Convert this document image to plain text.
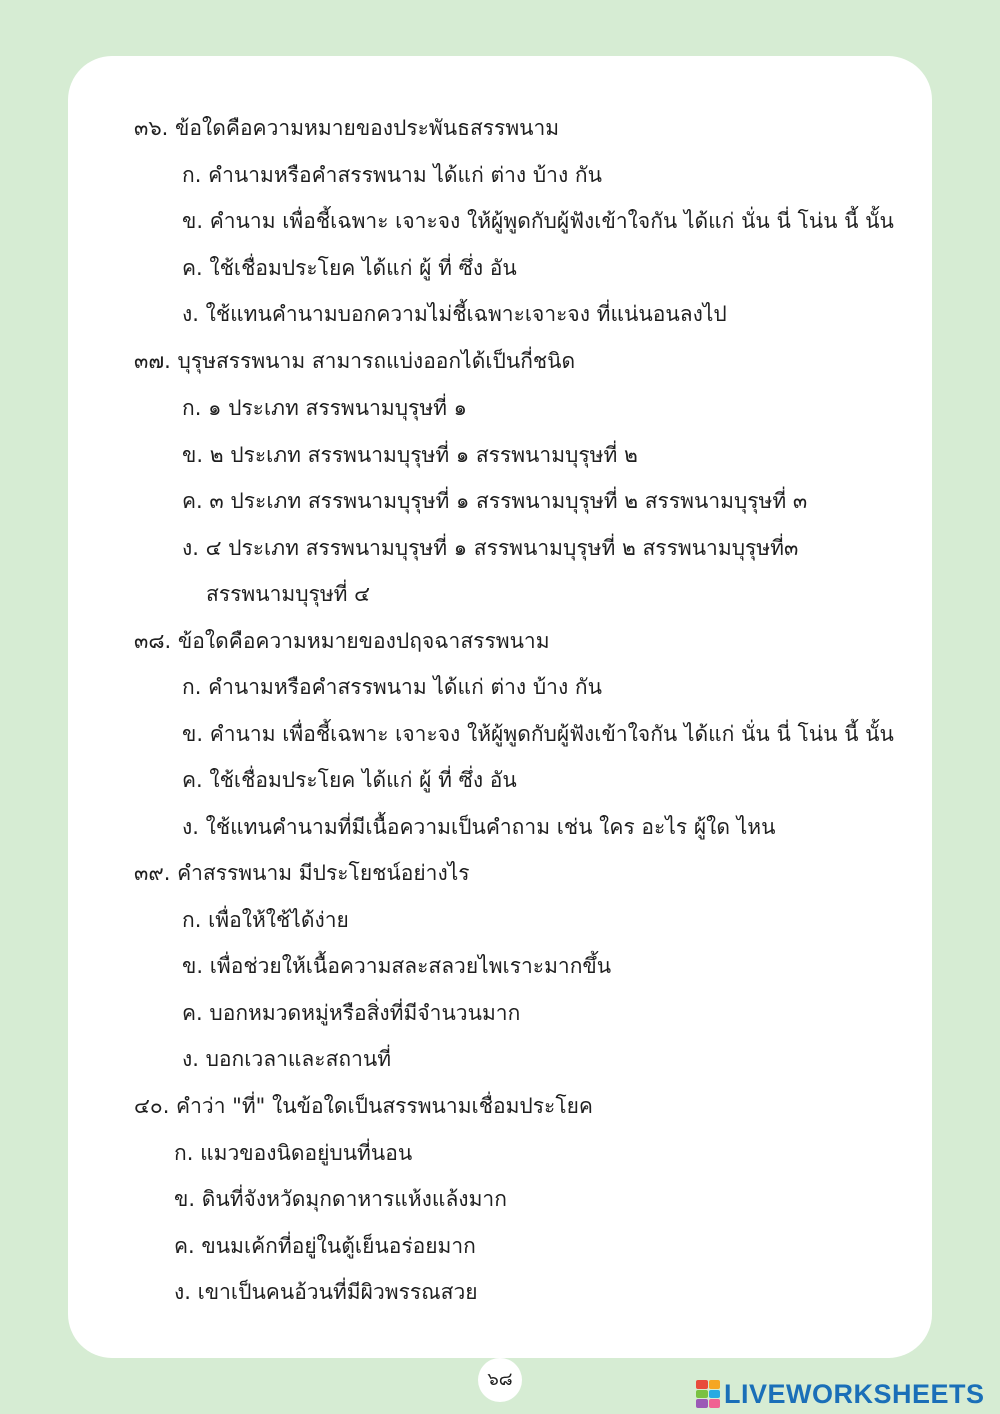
๓๖. ข้อใดคือความหมายของประพันธสรรพนาม
ก. คำนามหรือคำสรรพนาม ได้แก่ ต่าง บ้าง กัน
ข. คำนาม เพื่อชี้เฉพาะ เจาะจง ให้ผู้พูดกับผู้ฟังเข้าใจกัน ได้แก่ นั่น นี่ โน่น นี้ นั้น
ค. ใช้เชื่อมประโยค ได้แก่ ผู้ ที่ ซึ่ง อัน
ง. ใช้แทนคำนามบอกความไม่ชี้เฉพาะเจาะจง ที่แน่นอนลงไป
๓๗. บุรุษสรรพนาม สามารถแบ่งออกได้เป็นกี่ชนิด
ก. ๑ ประเภท สรรพนามบุรุษที่ ๑
ข. ๒ ประเภท สรรพนามบุรุษที่ ๑ สรรพนามบุรุษที่ ๒
ค. ๓ ประเภท สรรพนามบุรุษที่ ๑ สรรพนามบุรุษที่ ๒ สรรพนามบุรุษที่ ๓
ง. ๔ ประเภท สรรพนามบุรุษที่ ๑ สรรพนามบุรุษที่ ๒ สรรพนามบุรุษที่๓
สรรพนามบุรุษที่ ๔
๓๘. ข้อใดคือความหมายของปฤจฉาสรรพนาม
ก. คำนามหรือคำสรรพนาม ได้แก่ ต่าง บ้าง กัน
ข. คำนาม เพื่อชี้เฉพาะ เจาะจง ให้ผู้พูดกับผู้ฟังเข้าใจกัน ได้แก่ นั่น นี่ โน่น นี้ นั้น
ค. ใช้เชื่อมประโยค ได้แก่ ผู้ ที่ ซึ่ง อัน
ง. ใช้แทนคำนามที่มีเนื้อความเป็นคำถาม เช่น ใคร อะไร ผู้ใด ไหน
๓๙. คำสรรพนาม มีประโยชน์อย่างไร
ก. เพื่อให้ใช้ได้ง่าย
ข. เพื่อช่วยให้เนื้อความสละสลวยไพเราะมากขึ้น
ค. บอกหมวดหมู่หรือสิ่งที่มีจำนวนมาก
ง. บอกเวลาและสถานที่
๔๐. คำว่า "ที่" ในข้อใดเป็นสรรพนามเชื่อมประโยค
ก. แมวของนิดอยู่บนที่นอน
ข. ดินที่จังหวัดมุกดาหารแห้งแล้งมาก
ค. ขนมเค้กที่อยู่ในตู้เย็นอร่อยมาก
ง. เขาเป็นคนอ้วนที่มีผิวพรรณสวย
๖๘	LIVEWORKSHEETS
